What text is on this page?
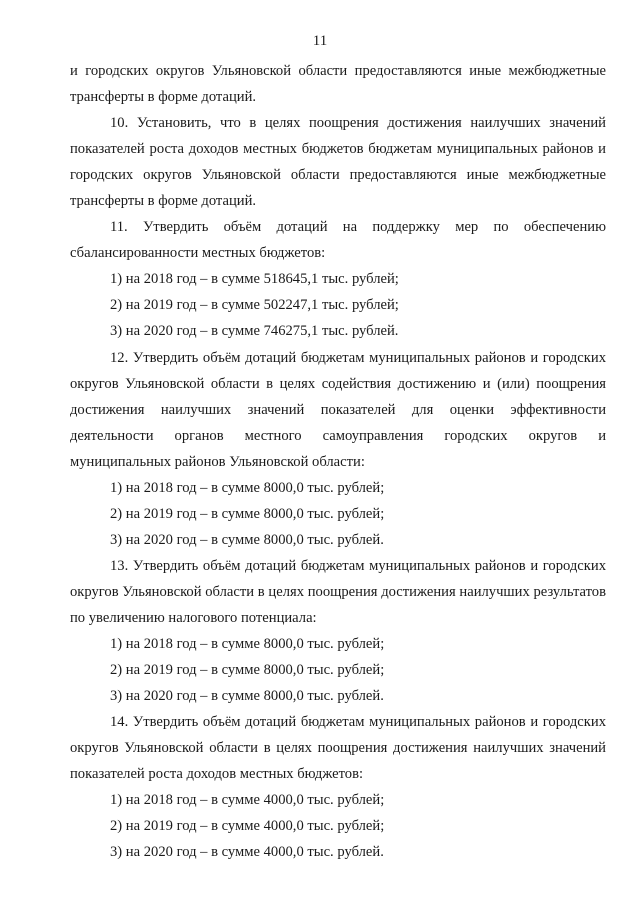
11

и городских округов Ульяновской области предоставляются иные межбюджетные трансферты в форме дотаций.

10. Установить, что в целях поощрения достижения наилучших значений показателей роста доходов местных бюджетов бюджетам муниципальных районов и городских округов Ульяновской области предоставляются иные межбюджетные трансферты в форме дотаций.

11. Утвердить объём дотаций на поддержку мер по обеспечению сбалансированности местных бюджетов:

1) на 2018 год – в сумме 518645,1 тыс. рублей;

2) на 2019 год – в сумме 502247,1 тыс. рублей;

3) на 2020 год – в сумме 746275,1 тыс. рублей.

12. Утвердить объём дотаций бюджетам муниципальных районов и городских округов Ульяновской области в целях содействия достижению и (или) поощрения достижения наилучших значений показателей для оценки эффективности деятельности органов местного самоуправления городских округов и муниципальных районов Ульяновской области:

1) на 2018 год – в сумме 8000,0 тыс. рублей;

2) на 2019 год – в сумме 8000,0 тыс. рублей;

3) на 2020 год – в сумме 8000,0 тыс. рублей.

13. Утвердить объём дотаций бюджетам муниципальных районов и городских округов Ульяновской области в целях поощрения достижения наилучших результатов по увеличению налогового потенциала:

1) на 2018 год – в сумме 8000,0 тыс. рублей;

2) на 2019 год – в сумме 8000,0 тыс. рублей;

3) на 2020 год – в сумме 8000,0 тыс. рублей.

14. Утвердить объём дотаций бюджетам муниципальных районов и городских округов Ульяновской области в целях поощрения достижения наилучших значений показателей роста доходов местных бюджетов:

1) на 2018 год – в сумме 4000,0 тыс. рублей;

2) на 2019 год – в сумме 4000,0 тыс. рублей;

3) на 2020 год – в сумме 4000,0 тыс. рублей.
